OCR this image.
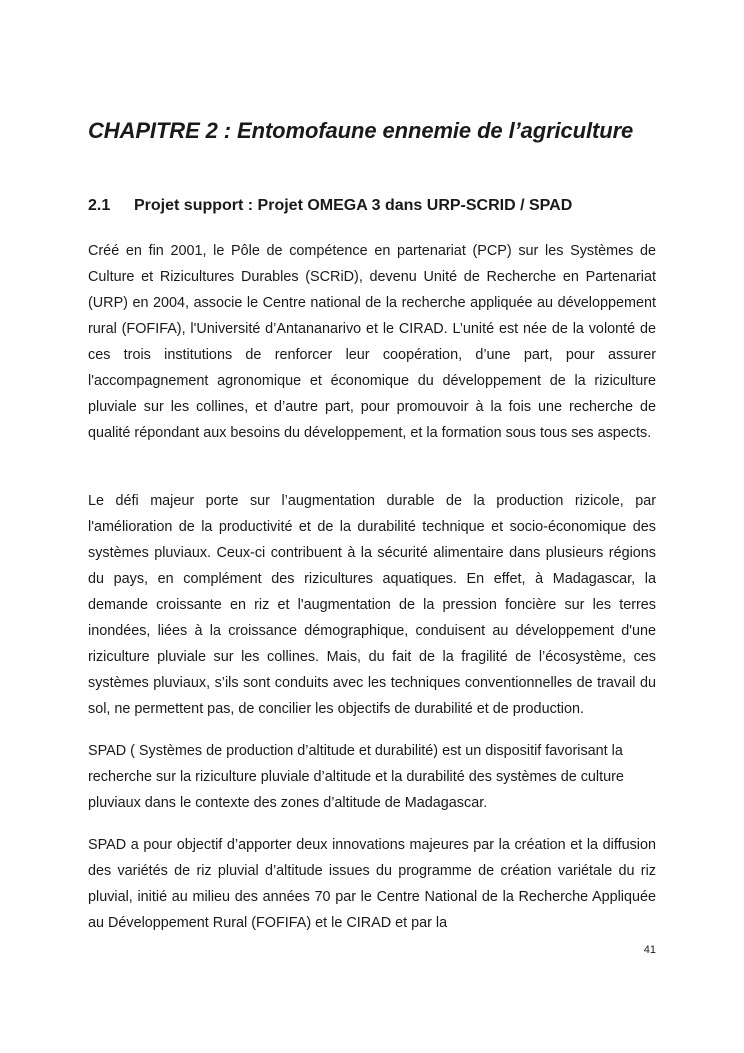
CHAPITRE 2 : Entomofaune ennemie de l’agriculture
2.1 Projet support : Projet OMEGA 3 dans URP-SCRID / SPAD

Créé en fin 2001, le Pôle de compétence en partenariat (PCP) sur les Systèmes de Culture et Rizicultures Durables (SCRiD), devenu Unité de Recherche en Partenariat (URP) en 2004, associe le Centre national de la recherche appliquée au développement rural (FOFIFA), l'Université d’Antananarivo et le CIRAD. L’unité est née de la volonté de ces trois institutions de renforcer leur coopération, d’une part, pour assurer l'accompagnement agronomique et économique du développement de la riziculture pluviale sur les collines, et d’autre part, pour promouvoir à la fois une recherche de qualité répondant aux besoins du développement, et la formation sous tous ses aspects.

Le défi majeur porte sur l’augmentation durable de la production rizicole, par l'amélioration de la productivité et de la durabilité technique et socio-économique des systèmes pluviaux. Ceux-ci contribuent à la sécurité alimentaire dans plusieurs régions du pays, en complément des rizicultures aquatiques. En effet, à Madagascar, la demande croissante en riz et l'augmentation de la pression foncière sur les terres inondées, liées à la croissance démographique, conduisent au développement d'une riziculture pluviale sur les collines. Mais, du fait de la fragilité de l’écosystème, ces systèmes pluviaux, s’ils sont conduits avec les techniques conventionnelles de travail du sol, ne permettent pas, de concilier les objectifs de durabilité et de production.

SPAD ( Systèmes de production d’altitude et durabilité) est un dispositif favorisant la recherche sur la riziculture pluviale d’altitude et la durabilité des systèmes de culture pluviaux dans le contexte des zones d’altitude de Madagascar.

SPAD a pour objectif d’apporter deux innovations majeures par la création et la diffusion des variétés de riz pluvial d’altitude issues du programme de création variétale du riz pluvial, initié au milieu des années 70 par le Centre National de la Recherche Appliquée au Développement Rural (FOFIFA) et le CIRAD et par la

41
